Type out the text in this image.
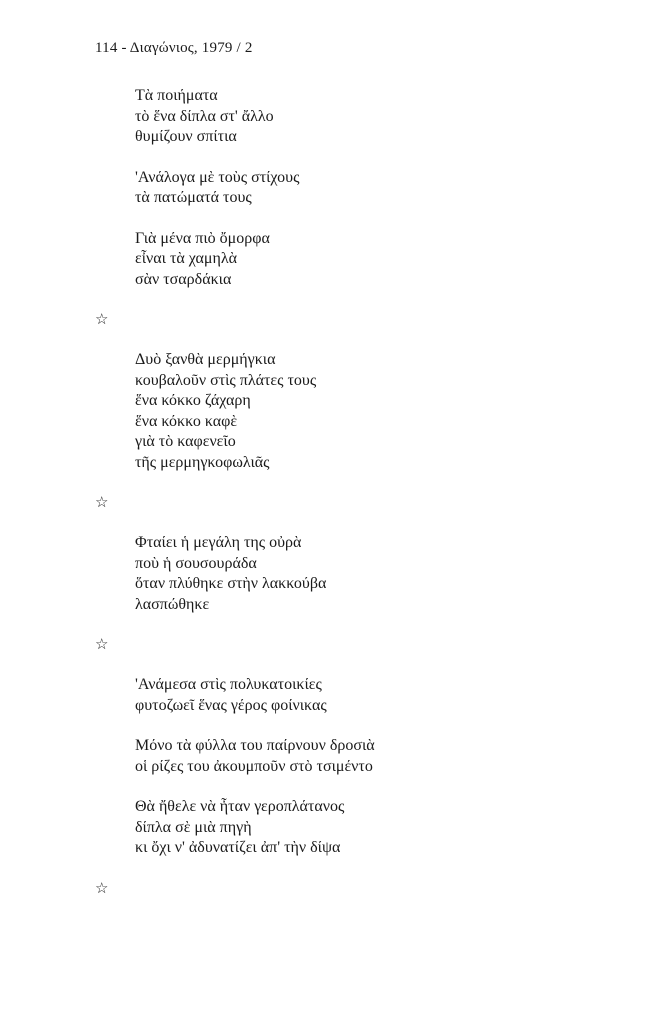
114 - Διαγώνιος, 1979 / 2
Τὰ ποιήματα
τὸ ἕνα δίπλα στ' ἄλλο
θυμίζουν σπίτια
'Ανάλογα μὲ τοὺς στίχους
τὰ πατώματά τους
Γιὰ μένα πιὸ ὄμορφα
εἶναι τὰ χαμηλὰ
σὰν τσαρδάκια
☆
Δυὸ ξανθὰ μερμήγκια
κουβαλοῦν στὶς πλάτες τους
ἕνα κόκκο ζάχαρη
ἕνα κόκκο καφὲ
γιὰ τὸ καφενεῖο
τῆς μερμηγκοφωλιᾶς
☆
Φταίει ἡ μεγάλη της οὐρὰ
ποὺ ἡ σουσουράδα
ὅταν πλύθηκε στὴν λακκούβα
λασπώθηκε
☆
'Ανάμεσα στὶς πολυκατοικίες
φυτοζωεῖ ἕνας γέρος φοίνικας
Μόνο τὰ φύλλα του παίρνουν δροσιὰ
οἱ ρίζες του ἀκουμποῦν στὸ τσιμέντο
Θὰ ἤθελε νὰ ἦταν γεροπλάτανος
δίπλα σὲ μιὰ πηγὴ
κι ὄχι ν' ἀδυνατίζει ἀπ' τὴν δίψα
☆
